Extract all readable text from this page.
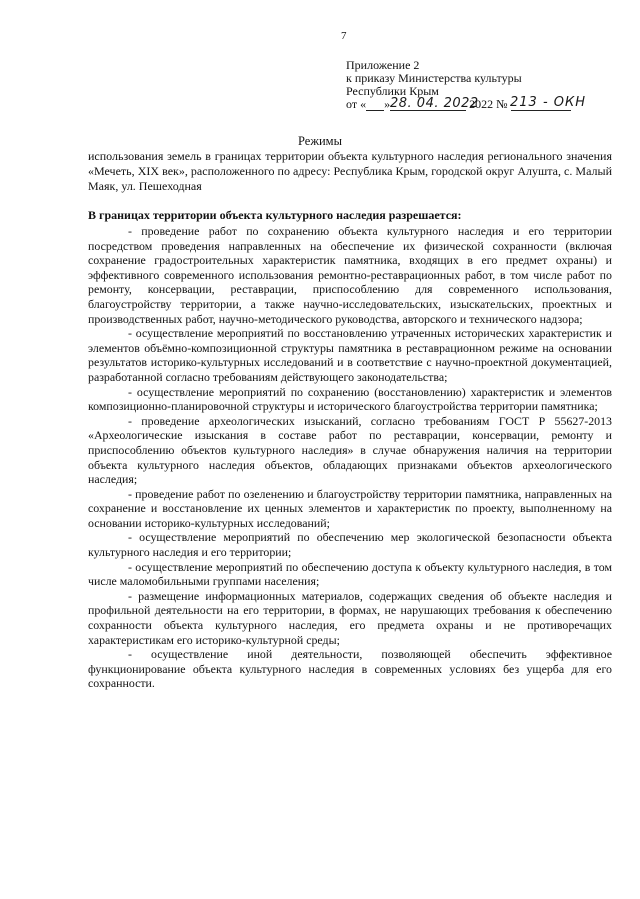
7
Приложение 2
к приказу Министерства культуры
Республики Крым
от « »	2022 №
28. 04. 2022 213 - ОКН
Режимы
использования земель в границах территории объекта культурного наследия регионального значения «Мечеть, XIX век», расположенного по адресу: Республика Крым, городской округ Алушта, с. Малый Маяк, ул. Пешеходная
В границах территории объекта культурного наследия разрешается:

- проведение работ по сохранению объекта культурного наследия и его территории посредством проведения направленных на обеспечение их физической сохранности (включая сохранение градостроительных характеристик памятника, входящих в его предмет охраны) и эффективного современного использования ремонтно-реставрационных работ, в том числе работ по ремонту, консервации, реставрации, приспособлению для современного использования, благоустройству территории, а также научно-исследовательских, изыскательских, проектных и производственных работ, научно-методического руководства, авторского и технического надзора;

- осуществление мероприятий по восстановлению утраченных исторических характеристик и элементов объёмно-композиционной структуры памятника в реставрационном режиме на основании результатов историко-культурных исследований и в соответствие с научно-проектной документацией, разработанной согласно требованиям действующего законодательства;

- осуществление мероприятий по сохранению (восстановлению) характеристик и элементов композиционно-планировочной структуры и исторического благоустройства территории памятника;

- проведение археологических изысканий, согласно требованиям ГОСТ Р 55627-2013 «Археологические изыскания в составе работ по реставрации, консервации, ремонту и приспособлению объектов культурного наследия» в случае обнаружения наличия на территории объекта культурного наследия объектов, обладающих признаками объектов археологического наследия;

- проведение работ по озеленению и благоустройству территории памятника, направленных на сохранение и восстановление их ценных элементов и характеристик по проекту, выполненному на основании историко-культурных исследований;

- осуществление мероприятий по обеспечению мер экологической безопасности объекта культурного наследия и его территории;

- осуществление мероприятий по обеспечению доступа к объекту культурного наследия, в том числе маломобильными группами населения;

- размещение информационных материалов, содержащих сведения об объекте наследия и профильной деятельности на его территории, в формах, не нарушающих требования к обеспечению сохранности объекта культурного наследия, его предмета охраны и не противоречащих характеристикам его историко-культурной среды;

- осуществление иной деятельности, позволяющей обеспечить эффективное функционирование объекта культурного наследия в современных условиях без ущерба для его сохранности.
